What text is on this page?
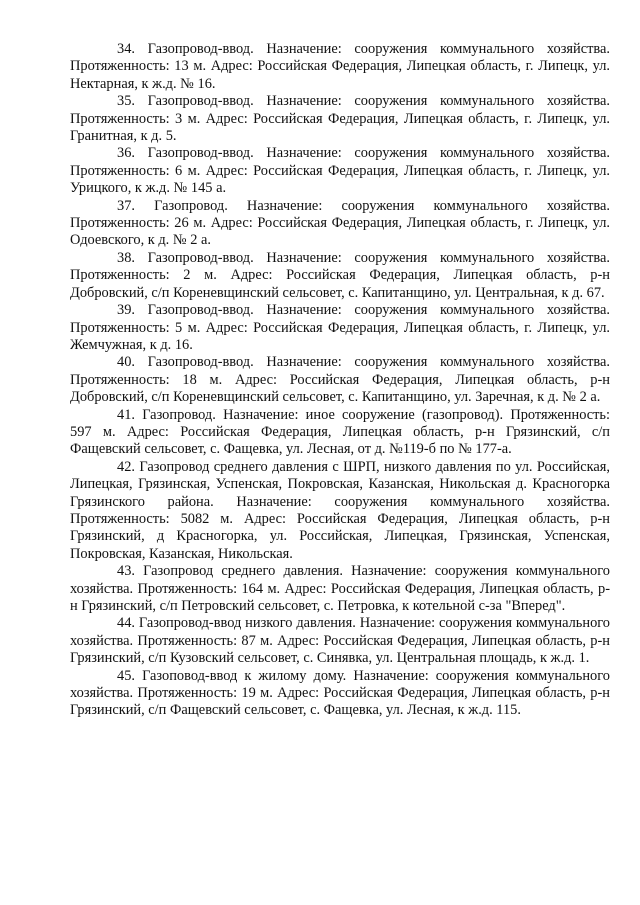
34. Газопровод-ввод. Назначение: сооружения коммунального хозяйства. Протяженность: 13 м. Адрес: Российская Федерация, Липецкая область, г. Липецк, ул. Нектарная, к ж.д. № 16.

35. Газопровод-ввод. Назначение: сооружения коммунального хозяйства. Протяженность: 3 м. Адрес: Российская Федерация, Липецкая область, г. Липецк, ул. Гранитная, к д. 5.

36. Газопровод-ввод. Назначение: сооружения коммунального хозяйства. Протяженность: 6 м. Адрес: Российская Федерация, Липецкая область, г. Липецк, ул. Урицкого, к ж.д. № 145 а.

37. Газопровод. Назначение: сооружения коммунального хозяйства. Протяженность: 26 м. Адрес: Российская Федерация, Липецкая область, г. Липецк, ул. Одоевского, к д. № 2 а.

38. Газопровод-ввод. Назначение: сооружения коммунального хозяйства. Протяженность: 2 м. Адрес: Российская Федерация, Липецкая область, р-н Добровский, с/п Кореневщинский сельсовет, с. Капитанщино, ул. Центральная, к д. 67.

39. Газопровод-ввод. Назначение: сооружения коммунального хозяйства. Протяженность: 5 м. Адрес: Российская Федерация, Липецкая область, г. Липецк, ул. Жемчужная, к д. 16.

40. Газопровод-ввод. Назначение: сооружения коммунального хозяйства. Протяженность: 18 м. Адрес: Российская Федерация, Липецкая область, р-н Добровский, с/п Кореневщинский сельсовет, с. Капитанщино, ул. Заречная, к д. № 2 а.

41. Газопровод. Назначение: иное сооружение (газопровод). Протяженность: 597 м. Адрес: Российская Федерация, Липецкая область, р-н Грязинский, с/п Фащевский сельсовет, с. Фащевка, ул. Лесная, от д. №119-б по № 177-а.

42. Газопровод среднего давления с ШРП, низкого давления по ул. Российская, Липецкая, Грязинская, Успенская, Покровская, Казанская, Никольская д. Красногорка Грязинского района. Назначение: сооружения коммунального хозяйства. Протяженность: 5082 м. Адрес: Российская Федерация, Липецкая область, р-н Грязинский, д Красногорка, ул. Российская, Липецкая, Грязинская, Успенская, Покровская, Казанская, Никольская.

43. Газопровод среднего давления. Назначение: сооружения коммунального хозяйства. Протяженность: 164 м. Адрес: Российская Федерация, Липецкая область, р-н Грязинский, с/п Петровский сельсовет, с. Петровка, к котельной с-за "Вперед".

44. Газопровод-ввод низкого давления. Назначение: сооружения коммунального хозяйства. Протяженность: 87 м. Адрес: Российская Федерация, Липецкая область, р-н Грязинский, с/п Кузовский сельсовет, с. Синявка, ул. Центральная площадь, к ж.д. 1.

45. Газоповод-ввод к жилому дому. Назначение: сооружения коммунального хозяйства. Протяженность: 19 м. Адрес: Российская Федерация, Липецкая область, р-н Грязинский, с/п Фащевский сельсовет, с. Фащевка, ул. Лесная, к ж.д. 115.
